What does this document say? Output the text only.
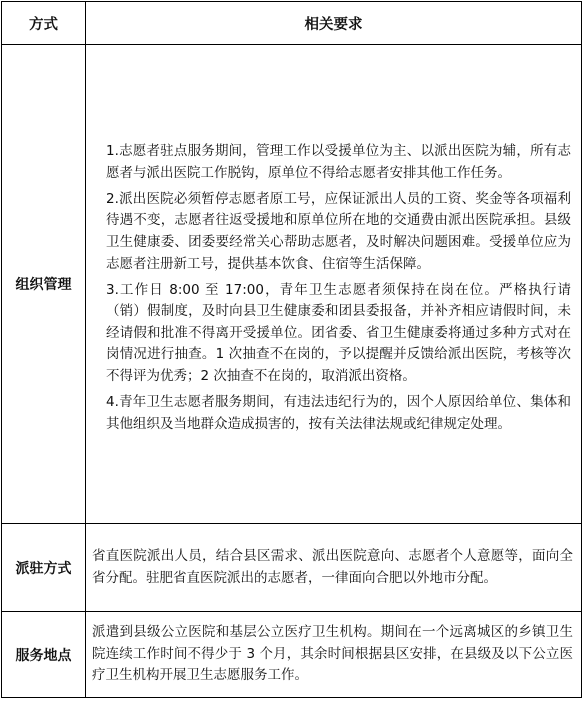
方式	相关要求
组织管理	1.志愿者驻点服务期间，管理工作以受援单位为主、以派出医院为辅，所有志愿者与派出医院工作脱钩，原单位不得给志愿者安排其他工作任务。

2.派出医院必须暂停志愿者原工号，应保证派出人员的工资、奖金等各项福利待遇不变，志愿者往返受援地和原单位所在地的交通费由派出医院承担。县级卫生健康委、团委要经常关心帮助志愿者，及时解决问题困难。受援单位应为志愿者注册新工号，提供基本饮食、住宿等生活保障。

3.工作日 8:00 至 17:00，青年卫生志愿者须保持在岗在位。严格执行请（销）假制度，及时向县卫生健康委和团县委报备，并补齐相应请假时间，未经请假和批准不得离开受援单位。团省委、省卫生健康委将通过多种方式对在岗情况进行抽查。1 次抽查不在岗的，予以提醒并反馈给派出医院，考核等次不得评为优秀；2 次抽查不在岗的，取消派出资格。

4.青年卫生志愿者服务期间，有违法违纪行为的，因个人原因给单位、集体和其他组织及当地群众造成损害的，按有关法律法规或纪律规定处理。

派驻方式	省直医院派出人员，结合县区需求、派出医院意向、志愿者个人意愿等，面向全省分配。驻肥省直医院派出的志愿者，一律面向合肥以外地市分配。

服务地点	派遣到县级公立医院和基层公立医疗卫生机构。期间在一个远离城区的乡镇卫生院连续工作时间不得少于 3 个月，其余时间根据县区安排，在县级及以下公立医疗卫生机构开展卫生志愿服务工作。
